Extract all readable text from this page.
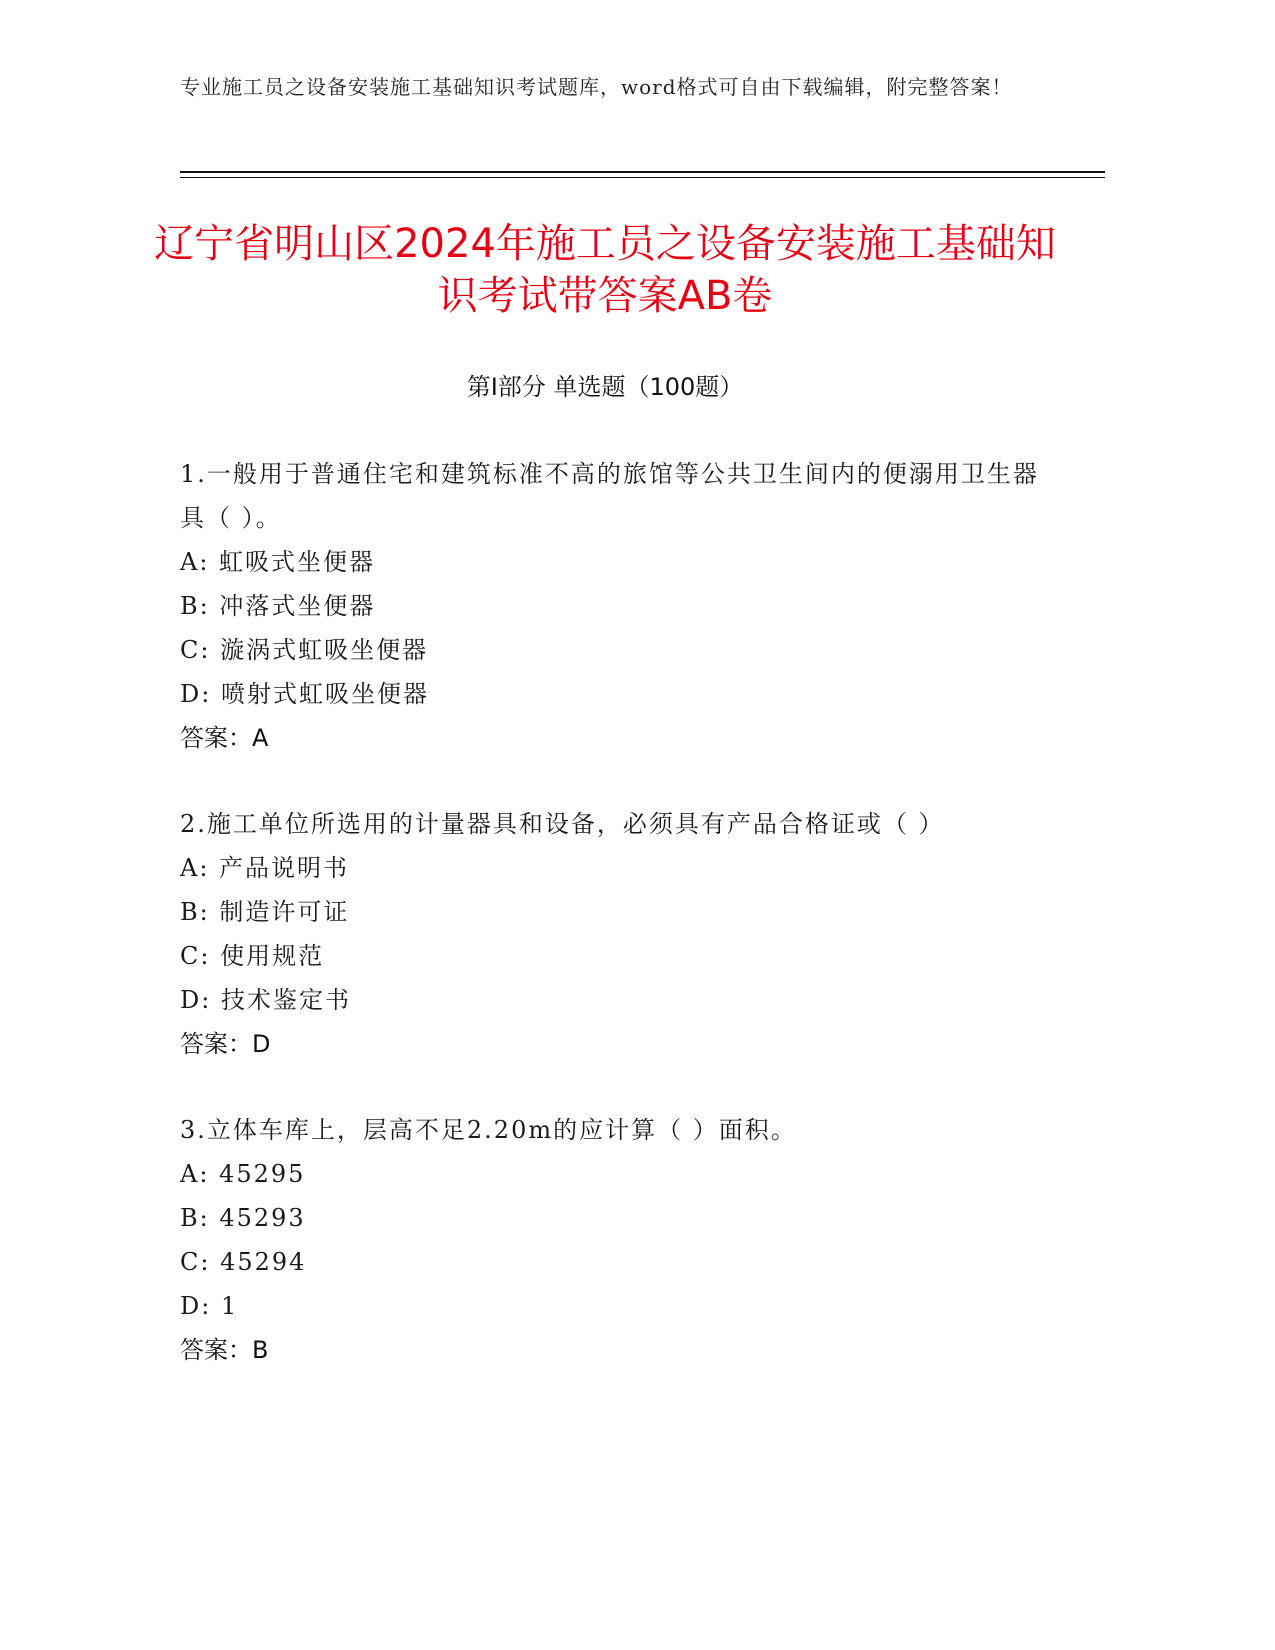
专业施工员之设备安装施工基础知识考试题库，word格式可自由下载编辑，附完整答案！
辽宁省明山区2024年施工员之设备安装施工基础知识考试带答案AB卷
第Ⅰ部分 单选题（100题）
1.一般用于普通住宅和建筑标准不高的旅馆等公共卫生间内的便溺用卫生器具（ ）。
A: 虹吸式坐便器
B: 冲落式坐便器
C: 漩涡式虹吸坐便器
D: 喷射式虹吸坐便器
答案：A
2.施工单位所选用的计量器具和设备，必须具有产品合格证或（ ）
A: 产品说明书
B: 制造许可证
C: 使用规范
D: 技术鉴定书
答案：D
3.立体车库上，层高不足2.20m的应计算（ ）面积。
A: 45295
B: 45293
C: 45294
D: 1
答案：B
